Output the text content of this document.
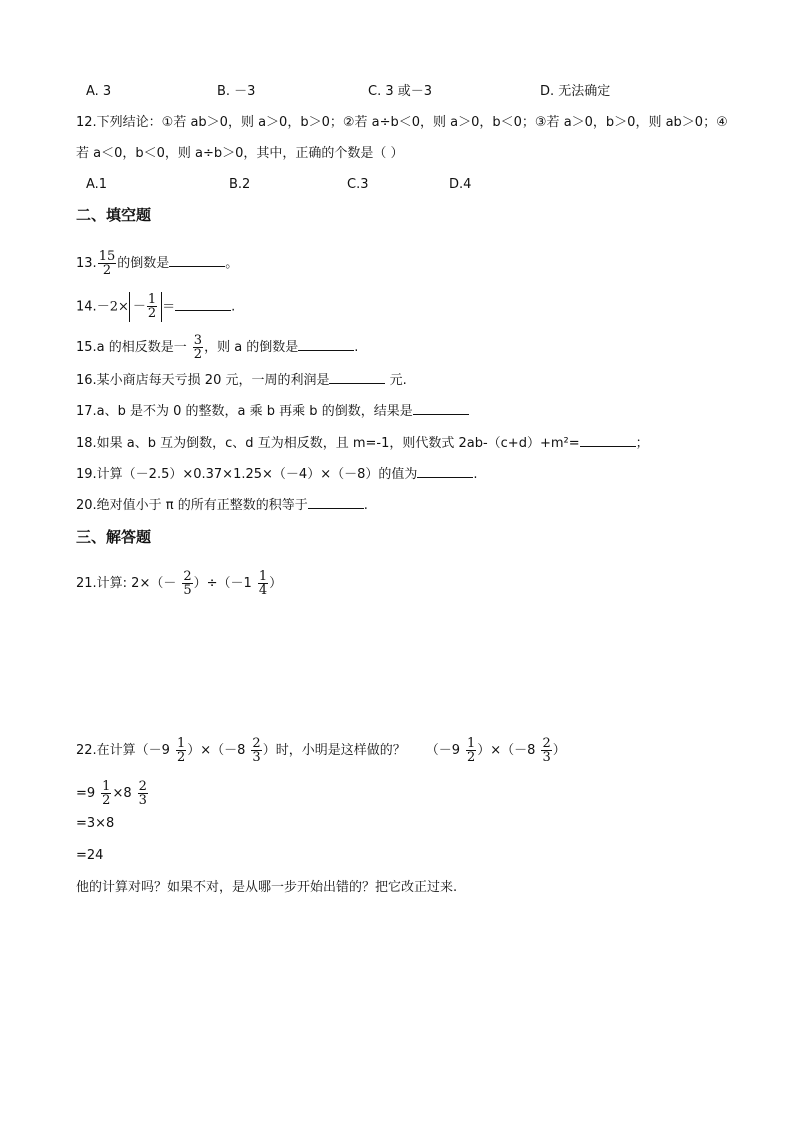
A. 3	B. －3	C. 3 或－3	D. 无法确定
12.下列结论：①若 ab＞0，则 a＞0，b＞0；②若 a÷b＜0，则 a＞0，b＜0；③若 a＞0，b＞0，则 ab＞0；④
若 a＜0，b＜0，则 a÷b＞0，其中，正确的个数是（ ）
A.1	B.2	C.3	D.4
二、填空题
13. $\frac{15}{2}$ 的倒数是	。
$14.-2\times - \frac{1}{2}$ ＝	.
15.a 的相反数是一 $\frac{3}{2}$ ，则 a 的倒数是	.
16.某小商店每天亏损 20 元，一周的利润是	元.
17.a、b 是不为 0 的整数，a 乘 b 再乘 b 的倒数，结果是
18.如果 a、b 互为倒数，c、d 互为相反数，且 m=-1，则代数式 2ab-（c+d）+m²=	；
19.计算（－2.5）×0.37×1.25×（－4）×（－8）的值为	.
20.绝对值小于 π 的所有正整数的积等于	.
三、解答题
21.计算: $2\times(- \frac{2}{5} )\div(-1 \frac{1}{4}$ ）
22.在计算$(-9 \frac{1}{2} )\times(-8 \frac{2}{3}$ ）时，小明是这样做的？ $(-9 \frac{1}{2} )\times(-8 \frac{2}{3}$ ）
$=9 \frac{1}{2} \times 8 \frac{2}{3}$
=3×8
=24
他的计算对吗？如果不对，是从哪一步开始出错的？把它改正过来.
